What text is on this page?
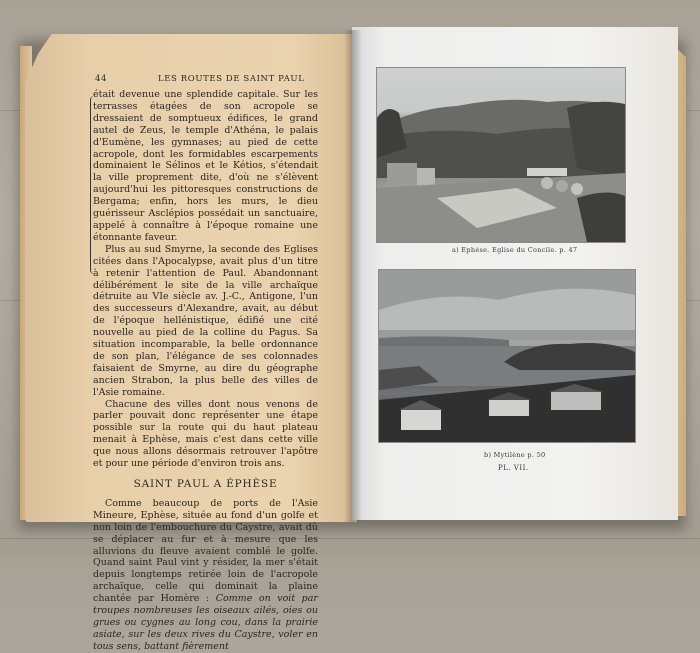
44	LES ROUTES DE SAINT PAUL

était devenue une splendide capitale. Sur les terrasses étagées de son acropole se dressaient de somptueux édifices, le grand autel de Zeus, le temple d'Athéna, le palais d'Eumène, les gymnases; au pied de cette acropole, dont les formidables escarpements dominaient le Sélinos et le Kétios, s'étendait la ville proprement dite, d'où ne s'élèvent aujourd'hui les pittoresques constructions de Bergama; enfin, hors les murs, le dieu guérisseur Asclépios possédait un sanctuaire, appelé à connaître à l'époque romaine une étonnante faveur.

Plus au sud Smyrne, la seconde des Eglises citées dans l'Apocalypse, avait plus d'un titre à retenir l'attention de Paul. Abandonnant délibérément le site de la ville archaïque détruite au VIe siècle av. J.-C., Antigone, l'un des successeurs d'Alexandre, avait, au début de l'époque hellénistique, édifié une cité nouvelle au pied de la colline du Pagus. Sa situation incomparable, la belle ordonnance de son plan, l'élégance de ses colonnades faisaient de Smyrne, au dire du géographe ancien Strabon, la plus belle des villes de l'Asie romaine.

Chacune des villes dont nous venons de parler pouvait donc représenter une étape possible sur la route qui du haut plateau menait à Ephèse, mais c'est dans cette ville que nous allons désormais retrouver l'apôtre et pour une période d'environ trois ans.

SAINT PAUL A ÉPHÈSE

Comme beaucoup de ports de l'Asie Mineure, Ephèse, située au fond d'un golfe et non loin de l'embouchure du Caystre, avait dû se déplacer au fur et à mesure que les alluvions du fleuve avaient comblé le golfe. Quand saint Paul vint y résider, la mer s'était depuis longtemps retirée loin de l'acropole archaïque, celle qui dominait la plaine chantée par Homère : Comme on voit par troupes nombreuses les oiseaux ailés, oies ou grues ou cygnes au long cou, dans la prairie asiate, sur les deux rives du Caystre, voler en tous sens, battant fièrement

a) Ephèse. Eglise du Concile. p. 47
b) Mytilène p. 50
PL. VII.
